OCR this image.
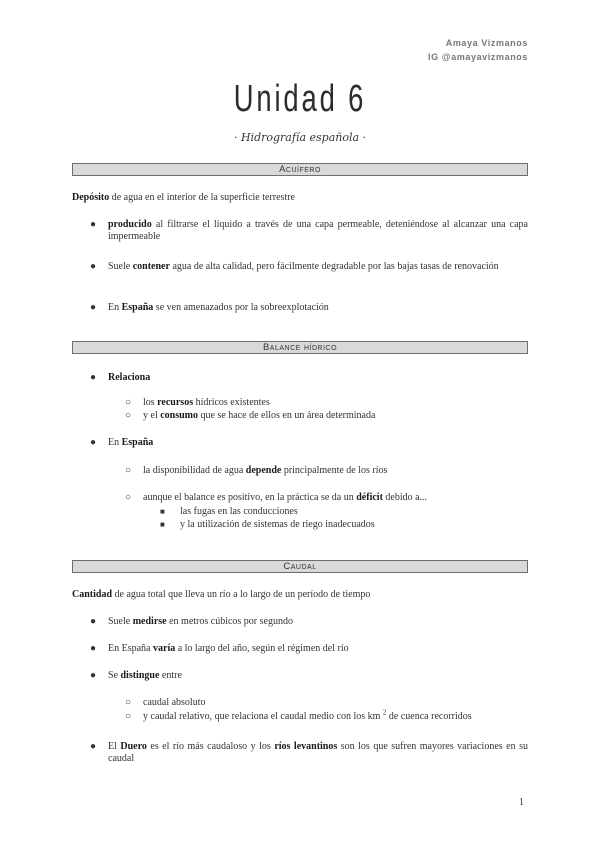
Amaya Vizmanos
IG @amayavizmanos
Unidad 6
· Hidrografía española ·
Acuífero
Depósito de agua en el interior de la superficie terrestre
● producido al filtrarse el líquido a través de una capa permeable, deteniéndose al alcanzar una capa impermeable
● Suele contener agua de alta calidad, pero fácilmente degradable por las bajas tasas de renovación
● En España se ven amenazados por la sobreexplotación
Balance hídrico
● Relaciona
○ los recursos hídricos existentes
○ y el consumo que se hace de ellos en un área determinada
● En España
○ la disponibilidad de agua depende principalmente de los ríos
○ aunque el balance es positivo, en la práctica se da un déficit debido a...
■ las fugas en las conducciones
■ y la utilización de sistemas de riego inadecuados
Caudal
Cantidad de agua total que lleva un río a lo largo de un período de tiempo
● Suele medirse en metros cúbicos por segundo
● En España varía a lo largo del año, según el régimen del río
● Se distingue entre
○ caudal absoluto
○ y caudal relativo, que relaciona el caudal medio con los km $^2$ de cuenca recorridos
● El Duero es el río más caudaloso y los ríos levantinos son los que sufren mayores variaciones en su caudal
1
